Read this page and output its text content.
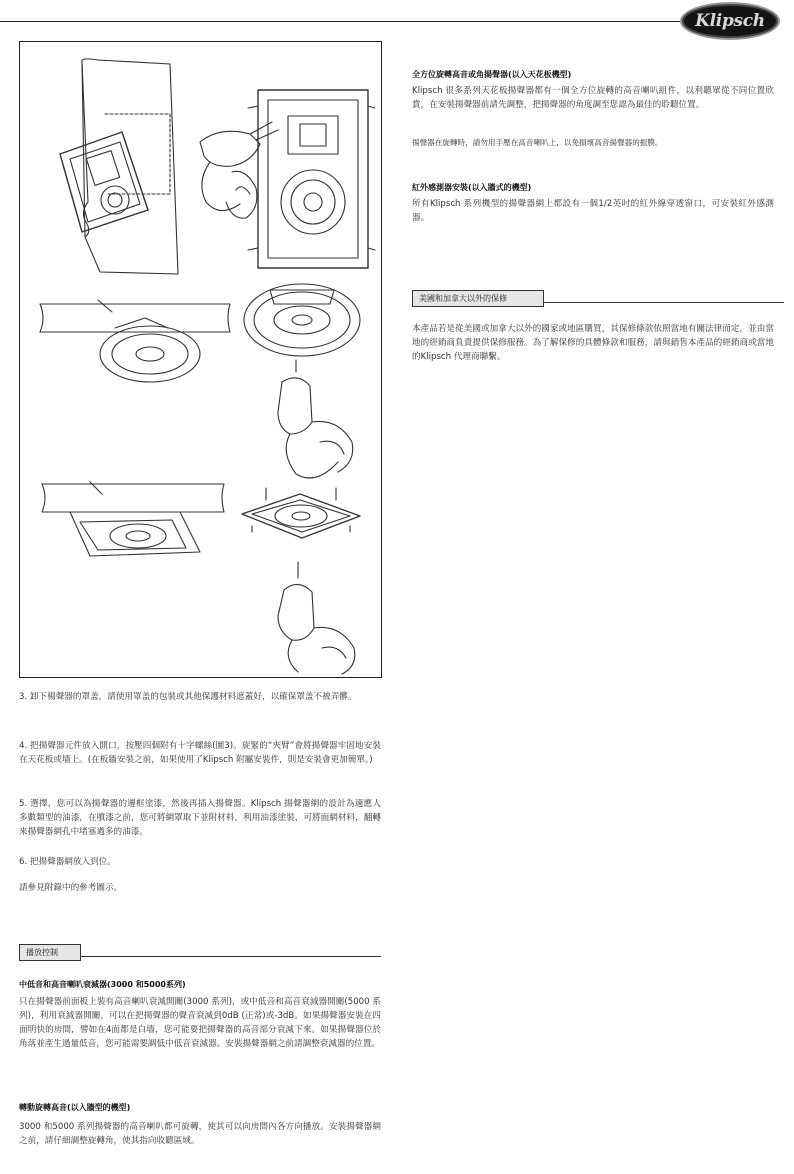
Klipsch
3. 卸下楊聲器的罩盖，請使用罩盖的包裝或其他保護材料遮蓋好，以確保罩盖不被弄髒。
4. 把揚聲器元件放入開口，按壓四個附有十字螺絲(圖3)。旋緊的“夾臂”會將揚聲器牢固地安裝在天花板或墻上。(在板牆安裝之前，如果使用了Klipsch 附屬安裝件，則是安裝會更加簡單。)
5. 選擇，您可以為揚聲器的邊框塗漆，然後再插入揚聲器。Klipsch 揚聲器網的設計為適應人多數類型的油漆，在噴漆之前，您可將網罩取下並附材料，利用油漆塗裝，可將面網材料，翻轉來揚聲器網孔中堵塞過多的油漆。
6. 把揚聲器網放入到位。
請參見附錄中的參考圖示。
播放控制
中低音和高音喇叭衰減器(3000 和5000系列)
只在揚聲器前面板上裝有高音喇叭衰減開關(3000 系列)，或中低音和高音衰減器開關(5000 系列)，利用衰減器開關，可以在把揚聲器的聲音衰減到0dB (正常)或-3dB。如果揚聲器安裝在四面明快的房間，譬如在4面都是白墻，您可能要把揚聲器的高音部分衰減下來。如果揚聲器位於角落並產生過量低音，您可能需要調低中低音衰減器。安裝揚聲器網之前請調整衰減器的位置。
轉動旋轉高音(以入牆型的機型)
3000 和5000 系列揚聲器的高音喇叭都可旋轉，使其可以向房間內各方向播放。安裝揚聲器網之前，請仔細調整旋轉角，使其指向收聽區域。
全方位旋轉高音或角揚聲器(以入天花板機型)
Klipsch 很多系列天花板揚聲器都有一個全方位旋轉的高音喇叭組件，以利聽眾從不同位置欣賞，在安裝揚聲器前請先調整，把揚聲器的角度調至您認為最佳的聆聽位置。
揚聲器在旋轉時，請勿用手壓在高音喇叭上，以免損壞高音揚聲器的振膜。
紅外感測器安裝(以入牆式的機型)
所有Klipsch 系列機型的揚聲器網上都設有一個1/2英吋的紅外線穿透窗口，可安裝紅外感測器。
美國和加拿大以外的保修
本產品若是從美國或加拿大以外的國家或地區購買，其保修條款依照當地有關法律而定，並由當地的經銷商負責提供保修服務。為了解保修的具體條款和服務，請與銷售本產品的經銷商或當地的Klipsch 代理商聯繫。
